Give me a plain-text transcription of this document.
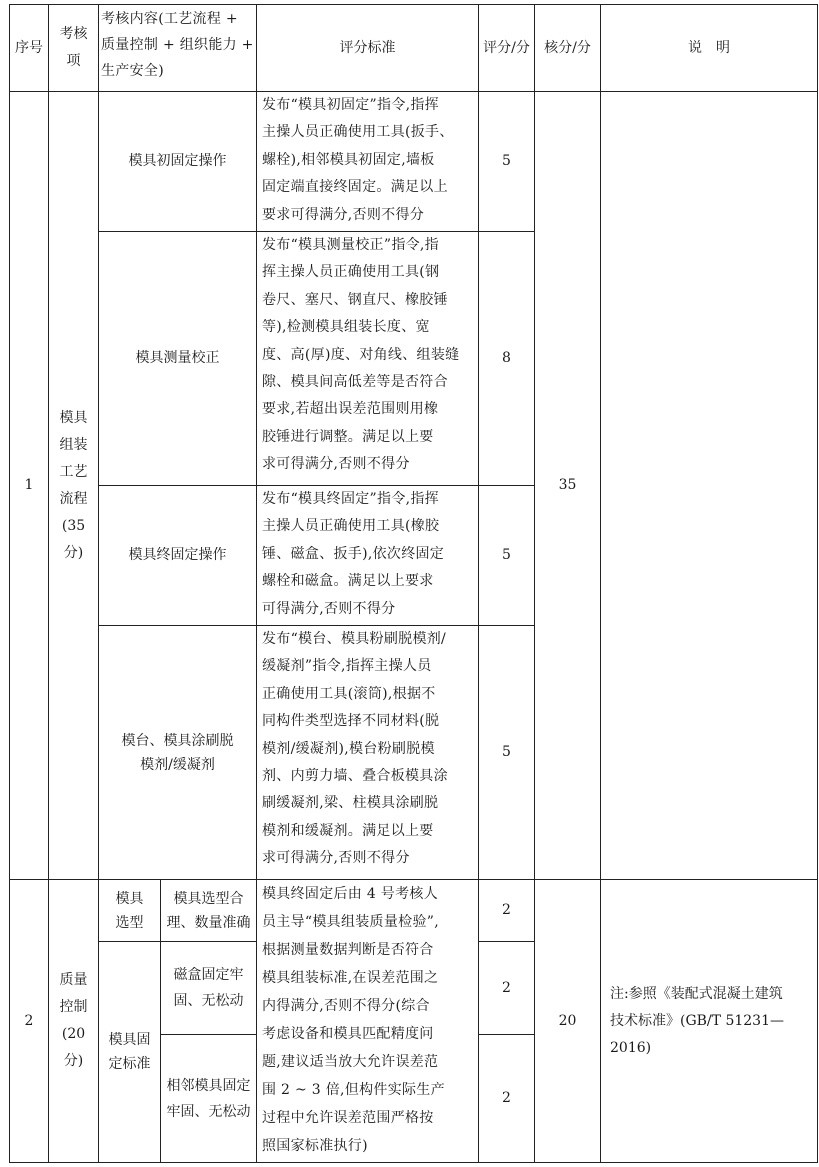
序号
考核
项
考核内容(工艺流程 +
质量控制 + 组织能力 +
生产安全)
评分标准	评分/分 核分/分	说　明
1
模具
组装
工艺
流程
(35
分)
35
模具初固定操作
发布“模具初固定”指令,指挥
主操人员正确使用工具(扳手、
螺栓),相邻模具初固定,墙板
固定端直接终固定。满足以上
要求可得满分,否则不得分
5
模具测量校正
发布“模具测量校正”指令,指
挥主操人员正确使用工具(钢
卷尺、塞尺、钢直尺、橡胶锤
等),检测模具组装长度、宽
度、高(厚)度、对角线、组装缝
隙、模具间高低差等是否符合
要求,若超出误差范围则用橡
胶锤进行调整。满足以上要
求可得满分,否则不得分
8
模具终固定操作
发布“模具终固定”指令,指挥
主操人员正确使用工具(橡胶
锤、磁盒、扳手),依次终固定
螺栓和磁盒。满足以上要求
可得满分,否则不得分
5
模台、模具涂刷脱
模剂/缓凝剂
发布“模台、模具粉刷脱模剂/
缓凝剂”指令,指挥主操人员
正确使用工具(滚筒),根据不
同构件类型选择不同材料(脱
模剂/缓凝剂),模台粉刷脱模
剂、内剪力墙、叠合板模具涂
刷缓凝剂,梁、柱模具涂刷脱
模剂和缓凝剂。满足以上要
求可得满分,否则不得分
5
2
质量
控制
(20
分)
模具
选型
模具固
定标准
模具选型合
理、数量准确
磁盒固定牢
固、无松动
相邻模具固定
牢固、无松动
模具终固定后由 4 号考核人
员主导“模具组装质量检验”,
根据测量数据判断是否符合
模具组装标准,在误差范围之
内得满分,否则不得分(综合
考虑设备和模具匹配精度问
题,建议适当放大允许误差范
围 2 ~ 3 倍,但构件实际生产
过程中允许误差范围严格按
照国家标准执行)
2
2
2
20
注:参照《装配式混凝土建筑
技术标准》(GB/T 51231—
2016)
